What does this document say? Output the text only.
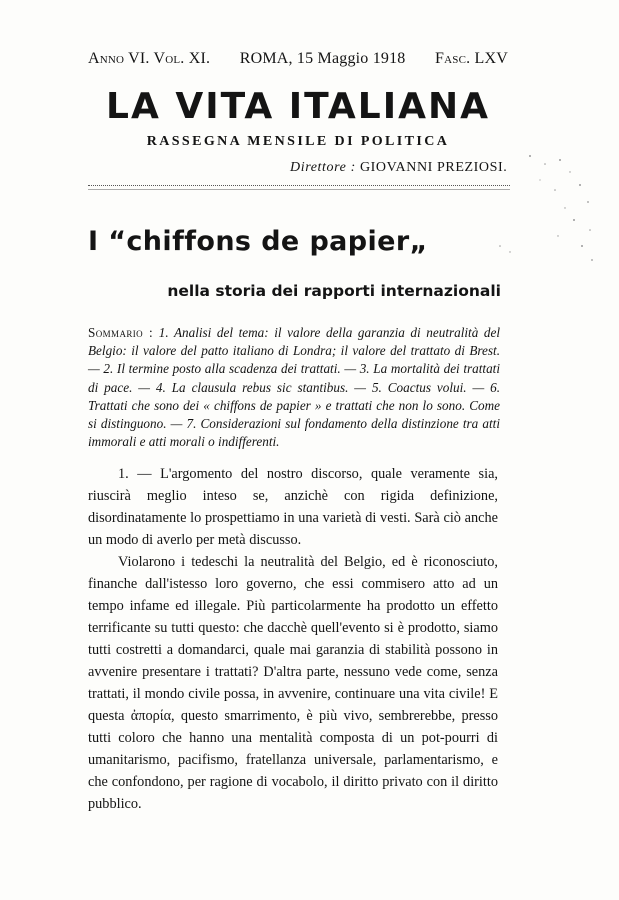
Anno VI. Vol. XI. ROMA, 15 Maggio 1918 Fasc. LXV
LA VITA ITALIANA
RASSEGNA MENSILE DI POLITICA
Direttore : GIOVANNI PREZIOSI.
I “chiffons de papier„
nella storia dei rapporti internazionali

Sommario : 1. Analisi del tema: il valore della garanzia di neutralità del Belgio: il valore del patto italiano di Londra; il valore del trattato di Brest. — 2. Il termine posto alla scadenza dei trattati. — 3. La mortalità dei trattati di pace. — 4. La clausula rebus sic stantibus. — 5. Coactus volui. — 6. Trattati che sono dei « chiffons de papier » e trattati che non lo sono. Come si distinguono. — 7. Considerazioni sul fondamento della distinzione tra atti immorali e atti morali o indifferenti.

1. — L'argomento del nostro discorso, quale veramente sia, riuscirà meglio inteso se, anzichè con rigida definizione, disordinatamente lo prospettiamo in una varietà di vesti. Sarà ciò anche un modo di averlo per metà discusso.

Violarono i tedeschi la neutralità del Belgio, ed è riconosciuto, finanche dall'istesso loro governo, che essi commisero atto ad un tempo infame ed illegale. Più particolarmente ha prodotto un effetto terrificante su tutti questo: che dacchè quell'evento si è prodotto, siamo tutti costretti a domandarci, quale mai garanzia di stabilità possono in avvenire presentare i trattati? D'altra parte, nessuno vede come, senza trattati, il mondo civile possa, in avvenire, continuare una vita civile! E questa ἀπορία, questo smarrimento, è più vivo, sembrerebbe, presso tutti coloro che hanno una mentalità composta di un pot-pourri di umanitarismo, pacifismo, fratellanza universale, parlamentarismo, e che confondono, per ragione di vocabolo, il diritto privato con il diritto pubblico.
